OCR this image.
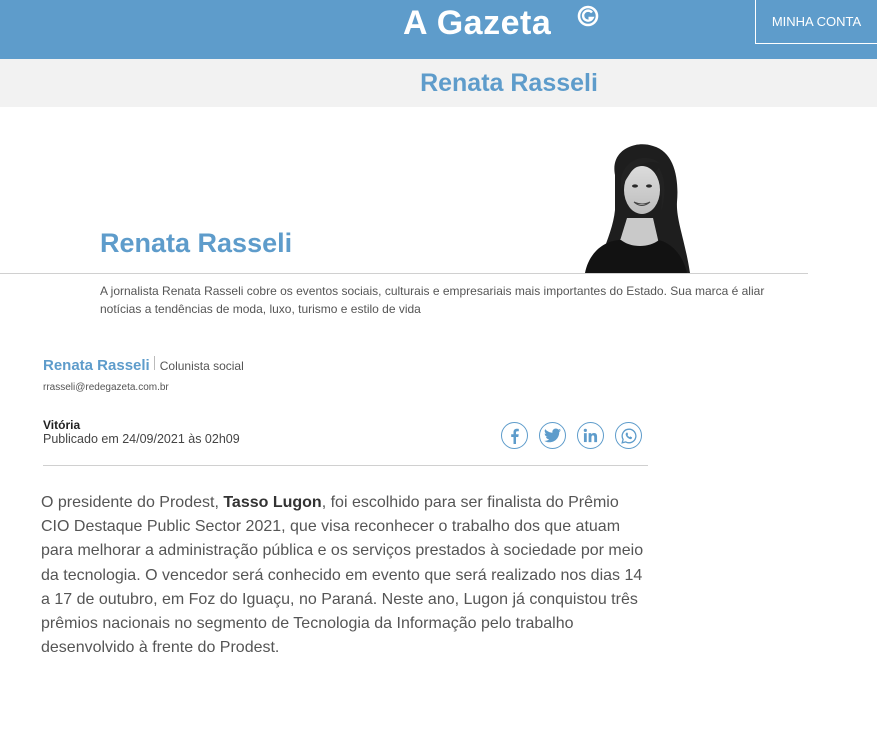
A Gazeta	MINHA CONTA
Renata Rasseli
Renata Rasseli
A jornalista Renata Rasseli cobre os eventos sociais, culturais e empresariais mais importantes do Estado. Sua marca é aliar notícias a tendências de moda, luxo, turismo e estilo de vida
Renata Rasseli Colunista social
rrasseli@redegazeta.com.br
Vitória
Publicado em 24/09/2021 às 02h09
O presidente do Prodest, Tasso Lugon, foi escolhido para ser finalista do Prêmio CIO Destaque Public Sector 2021, que visa reconhecer o trabalho dos que atuam para melhorar a administração pública e os serviços prestados à sociedade por meio da tecnologia. O vencedor será conhecido em evento que será realizado nos dias 14 a 17 de outubro, em Foz do Iguaçu, no Paraná. Neste ano, Lugon já conquistou três prêmios nacionais no segmento de Tecnologia da Informação pelo trabalho desenvolvido à frente do Prodest.
